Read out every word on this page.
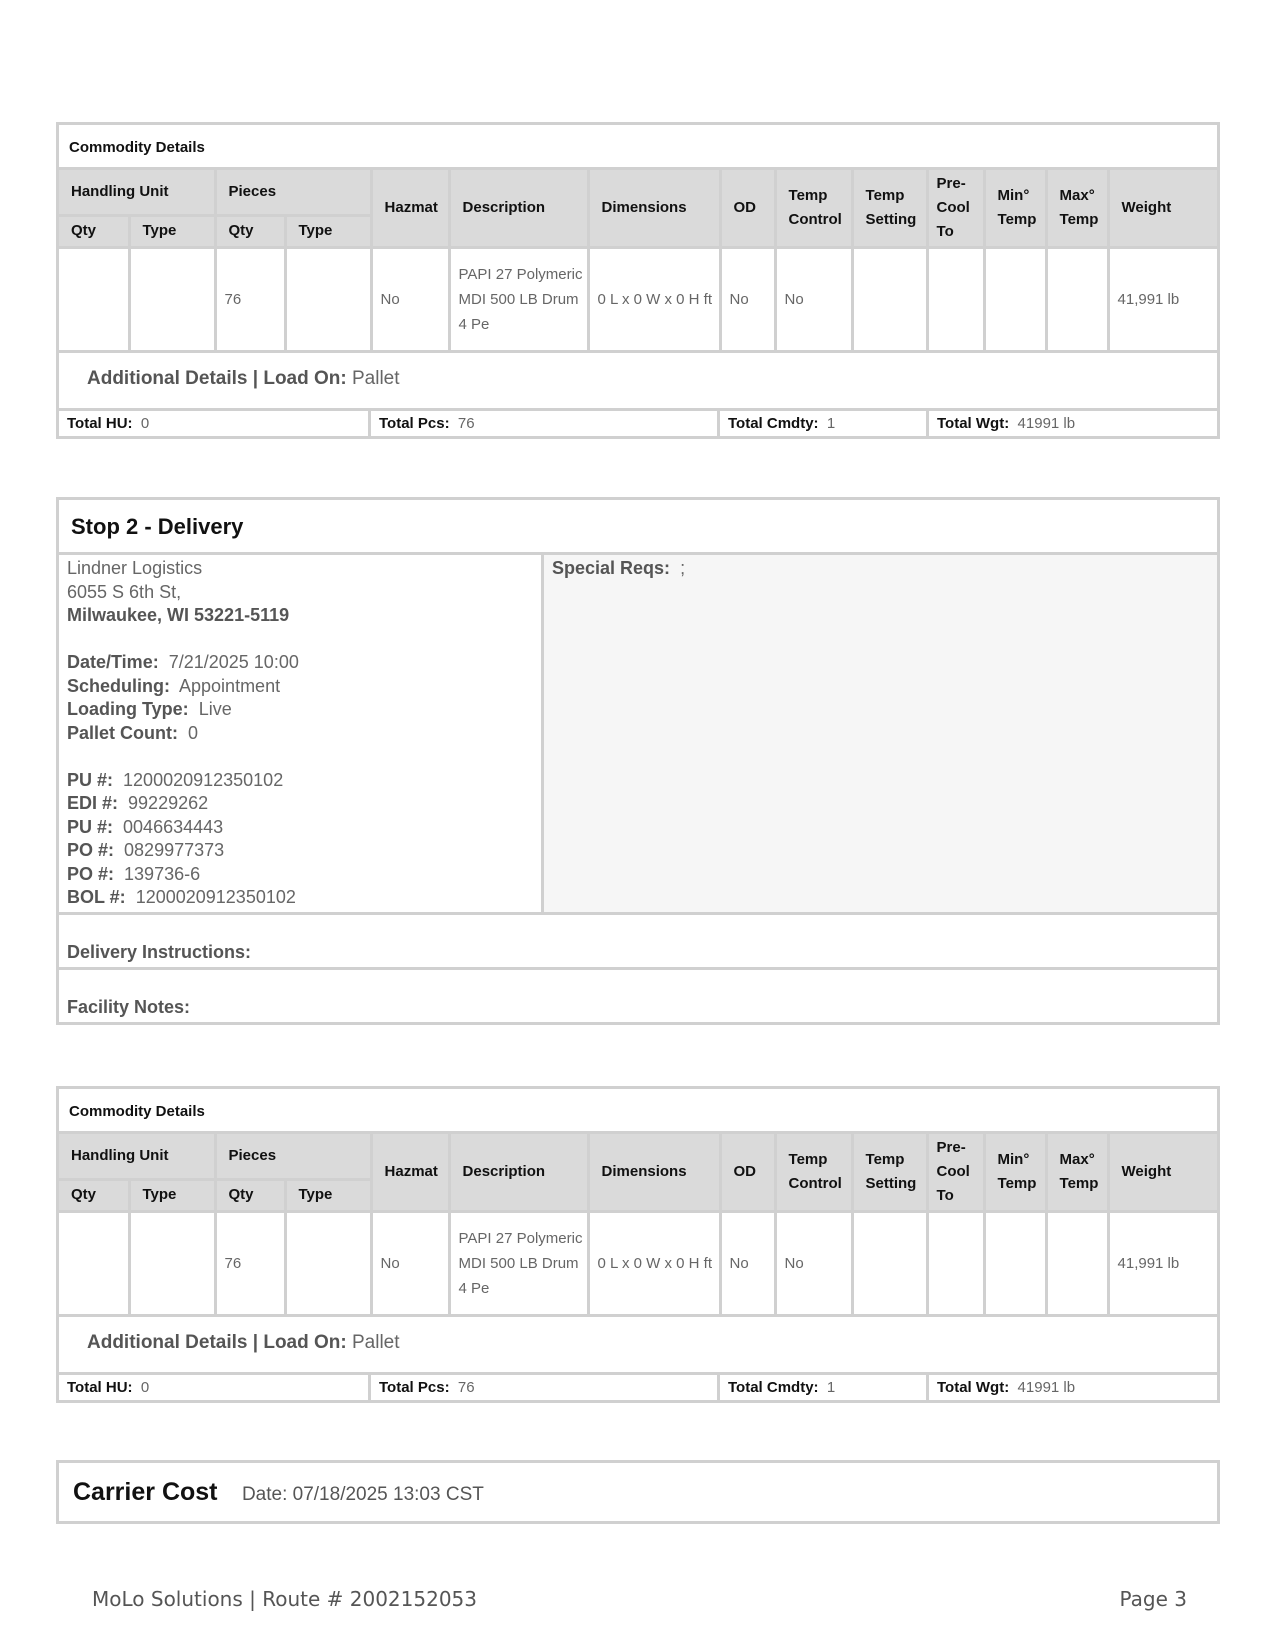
Commodity Details
Handling Unit		Pieces		Hazmat	Description	Dimensions	OD	Temp Control	Temp Setting	Pre-Cool To	Min° Temp	Max° Temp	Weight
Qty	Type	Qty	Type										
		76		No	PAPI 27 Polymeric MDI 500 LB Drum 4 Pe	0 L x 0 W x 0 H ft	No	No					41,991 lb
Additional Details | Load On: Pallet
Total HU: 0	Total Pcs: 76	Total Cmdty: 1	Total Wgt: 41991 lb
Stop 2 - Delivery
Lindner Logistics
6055 S 6th St,
Milwaukee, WI 53221-5119
Date/Time: 7/21/2025 10:00
Scheduling: Appointment
Loading Type: Live
Pallet Count: 0
PU #: 1200020912350102
EDI #: 99229262
PU #: 0046634443
PO #: 0829977373
PO #: 139736-6
BOL #: 1200020912350102
Special Reqs: ;
Delivery Instructions:
Facility Notes:
Commodity Details
Handling Unit		Pieces		Hazmat	Description	Dimensions	OD	Temp Control	Temp Setting	Pre-Cool To	Min° Temp	Max° Temp	Weight
Qty	Type	Qty	Type										
		76		No	PAPI 27 Polymeric MDI 500 LB Drum 4 Pe	0 L x 0 W x 0 H ft	No	No					41,991 lb
Additional Details | Load On: Pallet
Total HU: 0	Total Pcs: 76	Total Cmdty: 1	Total Wgt: 41991 lb
Carrier Cost Date: 07/18/2025 13:03 CST
MoLo Solutions | Route # 2002152053	Page 3
